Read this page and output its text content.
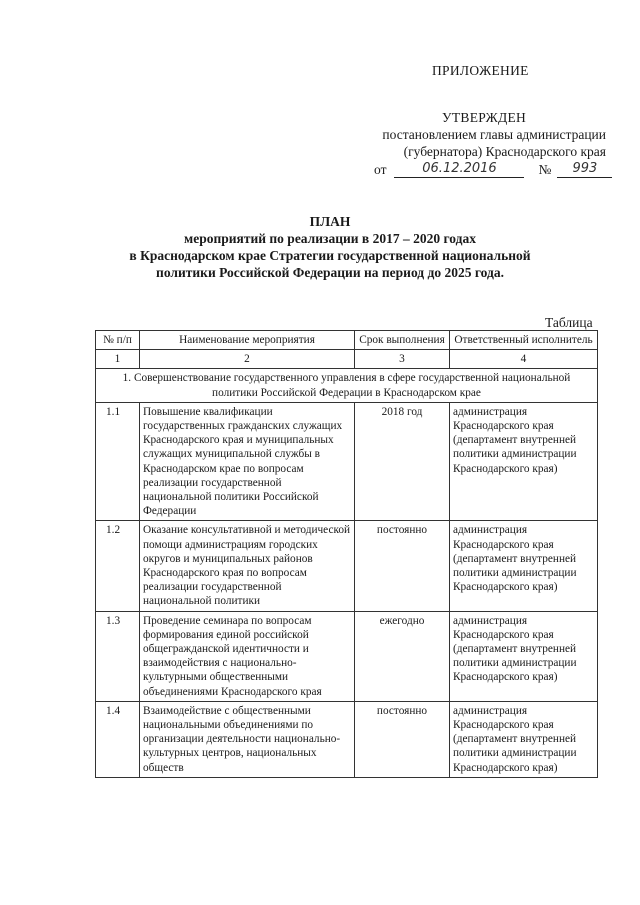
ПРИЛОЖЕНИЕ
УТВЕРЖДЕН
постановлением главы администрации
(губернатора) Краснодарского края
от	06.12.2016	№	993
ПЛАН
мероприятий по реализации в 2017 – 2020 годах
в Краснодарском крае Стратегии государственной национальной
политики Российской Федерации на период до 2025 года.
Таблица
№ п/п	Наименование мероприятия	Срок выполнения	Ответственный исполнитель
1	2	3	4
1. Совершенствование государственного управления в сфере государственной национальной политики Российской Федерации в Краснодарском крае			
1.1	Повышение квалификации государственных гражданских служащих Краснодарского края и муниципальных служащих муниципальной службы в Краснодарском крае по вопросам реализации государственной национальной политики Российской Федерации	2018 год	администрация Краснодарского края (департамент внутренней политики администрации Краснодарского края)
1.2	Оказание консультативной и методической помощи администрациям городских округов и муниципальных районов Краснодарского края по вопросам реализации государственной национальной политики	постоянно	администрация Краснодарского края (департамент внутренней политики администрации Краснодарского края)
1.3	Проведение семинара по вопросам формирования единой российской общегражданской идентичности и взаимодействия с национально-культурными общественными объединениями Краснодарского края	ежегодно	администрация Краснодарского края (департамент внутренней политики администрации Краснодарского края)
1.4	Взаимодействие с общественными национальными объединениями по организации деятельности национально-культурных центров, национальных обществ	постоянно	администрация Краснодарского края (департамент внутренней политики администрации Краснодарского края)
